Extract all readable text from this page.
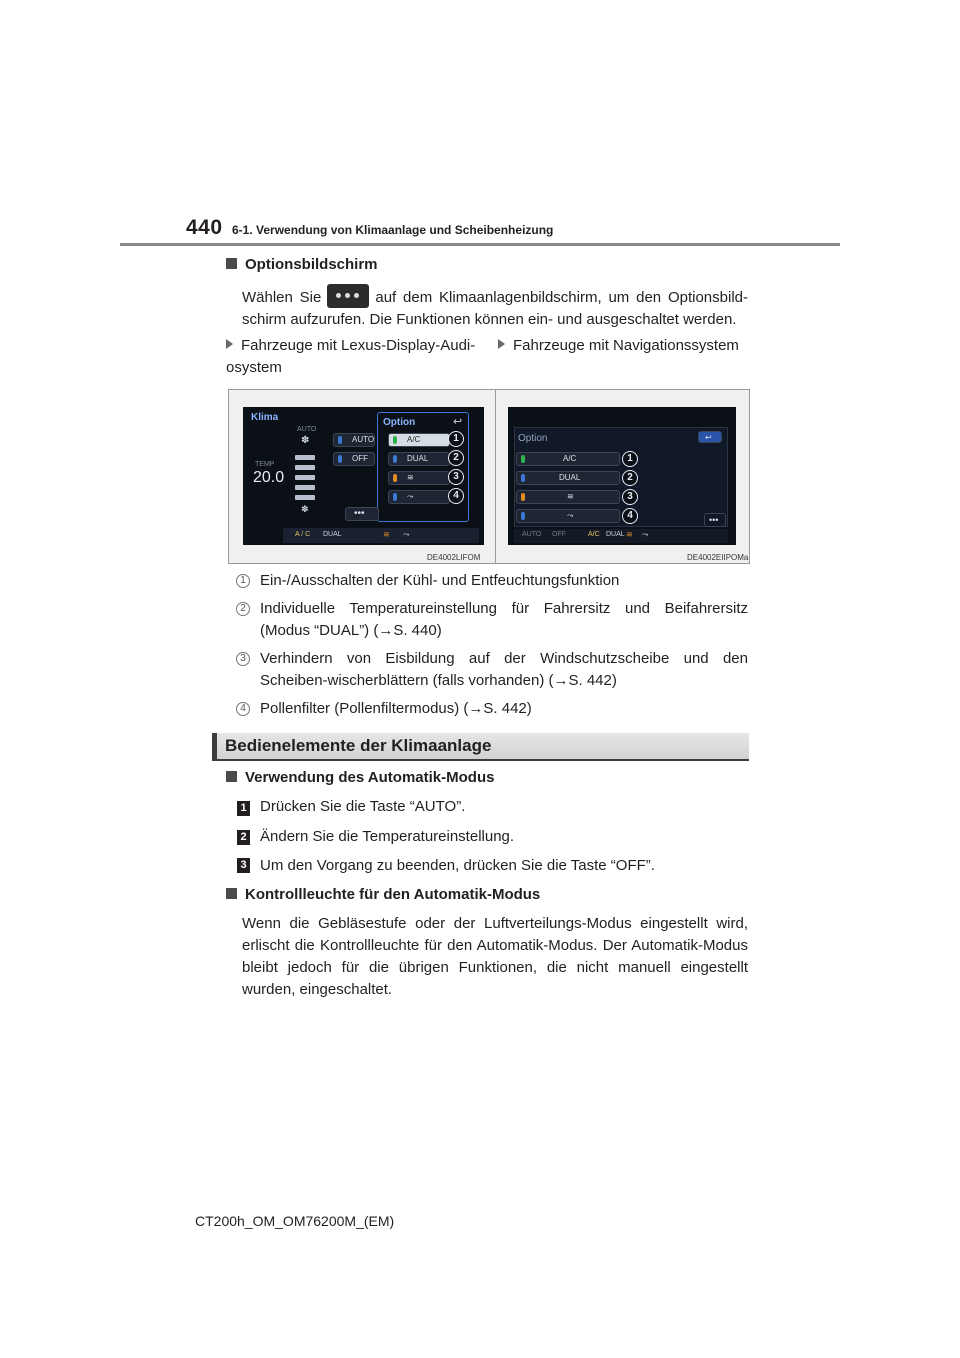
440 6-1. Verwendung von Klimaanlage und Scheibenheizung
Optionsbildschirm
Wählen Sie	auf dem Klimaanlagenbildschirm, um den Optionsbild-schirm aufzurufen. Die Funktionen können ein- und ausgeschaltet werden.
Fahrzeuge mit Lexus-Display-Audi-osystem
Fahrzeuge mit Navigationssystem
Klima
AUTO
✽
TEMP
20.0
✽
AUTO
OFF
Option	↩
A/C
DUAL
≋
⤳
1
2
3
4
•••
A / C DUAL	≋ ⤳
DE4002LIFOM
Option	↩
A/C
DUAL
≋
⤳
1
2
3
4	•••
AUTO OFF	A/C DUAL ≋ ⤳
DE4002EIIPOMa
1 Ein-/Ausschalten der Kühl- und Entfeuchtungsfunktion
2 Individuelle Temperatureinstellung für Fahrersitz und Beifahrersitz (Modus “DUAL”) (→S. 440)
3 Verhindern von Eisbildung auf der Windschutzscheibe und den Scheiben-wischerblättern (falls vorhanden) (→S. 442)
4 Pollenfilter (Pollenfiltermodus) (→S. 442)
Bedienelemente der Klimaanlage
Verwendung des Automatik-Modus
1 Drücken Sie die Taste “AUTO”.
2 Ändern Sie die Temperatureinstellung.
3 Um den Vorgang zu beenden, drücken Sie die Taste “OFF”.
Kontrollleuchte für den Automatik-Modus
Wenn die Gebläsestufe oder der Luftverteilungs-Modus eingestellt wird, erlischt die Kontrollleuchte für den Automatik-Modus. Der Automatik-Modus bleibt jedoch für die übrigen Funktionen, die nicht manuell eingestellt wurden, eingeschaltet.
CT200h_OM_OM76200M_(EM)
